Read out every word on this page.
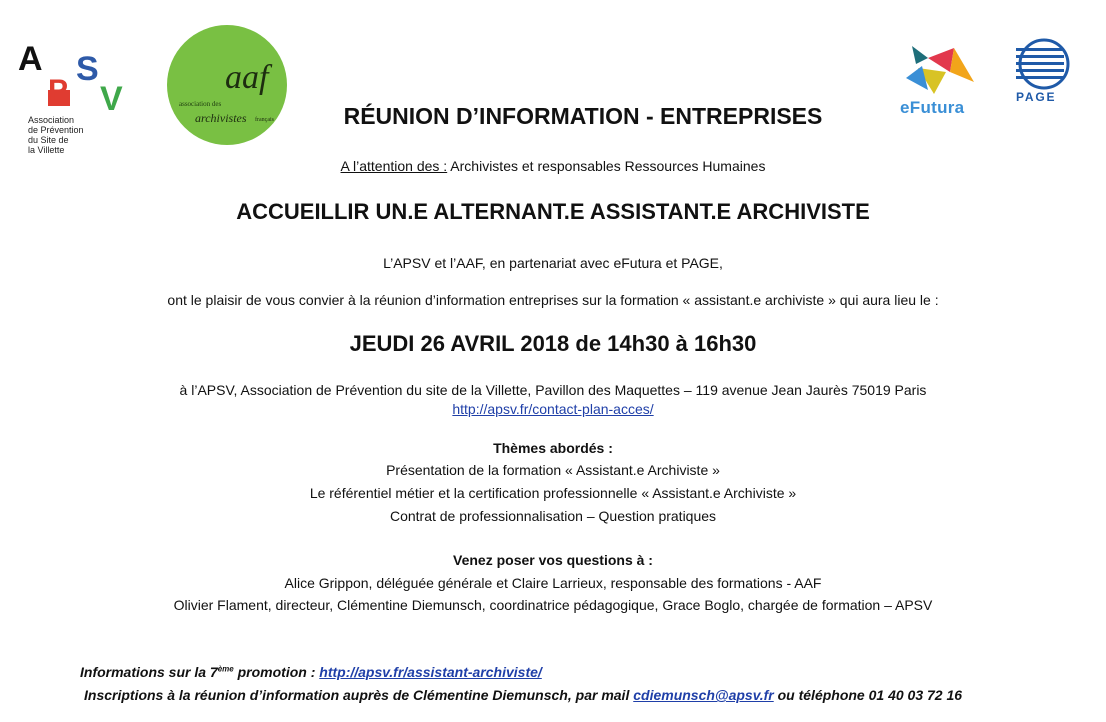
A
P
S
V
Association
de Prévention
du Site de
la Villette
association des
aaf
archivistes français
eFutura
PAGE
RÉUNION D’INFORMATION - ENTREPRISES
A l’attention des : Archivistes et responsables Ressources Humaines
ACCUEILLIR UN.E ALTERNANT.E ASSISTANT.E ARCHIVISTE
L’APSV et l’AAF, en partenariat avec eFutura et PAGE,
ont le plaisir de vous convier à la réunion d’information entreprises sur la formation « assistant.e archiviste » qui aura lieu le :
JEUDI 26 AVRIL 2018 de 14h30 à 16h30
à l’APSV, Association de Prévention du site de la Villette, Pavillon des Maquettes – 119 avenue Jean Jaurès 75019 Paris
http://apsv.fr/contact-plan-acces/
Thèmes abordés :
Présentation de la formation « Assistant.e Archiviste »
Le référentiel métier et la certification professionnelle « Assistant.e Archiviste »
Contrat de professionnalisation – Question pratiques
Venez poser vos questions à :
Alice Grippon, déléguée générale et Claire Larrieux, responsable des formations - AAF
Olivier Flament, directeur, Clémentine Diemunsch, coordinatrice pédagogique, Grace Boglo, chargée de formation – APSV
Informations sur la 7ème promotion : http://apsv.fr/assistant-archiviste/
Inscriptions à la réunion d’information auprès de Clémentine Diemunsch, par mail cdiemunsch@apsv.fr ou téléphone 01 40 03 72 16
